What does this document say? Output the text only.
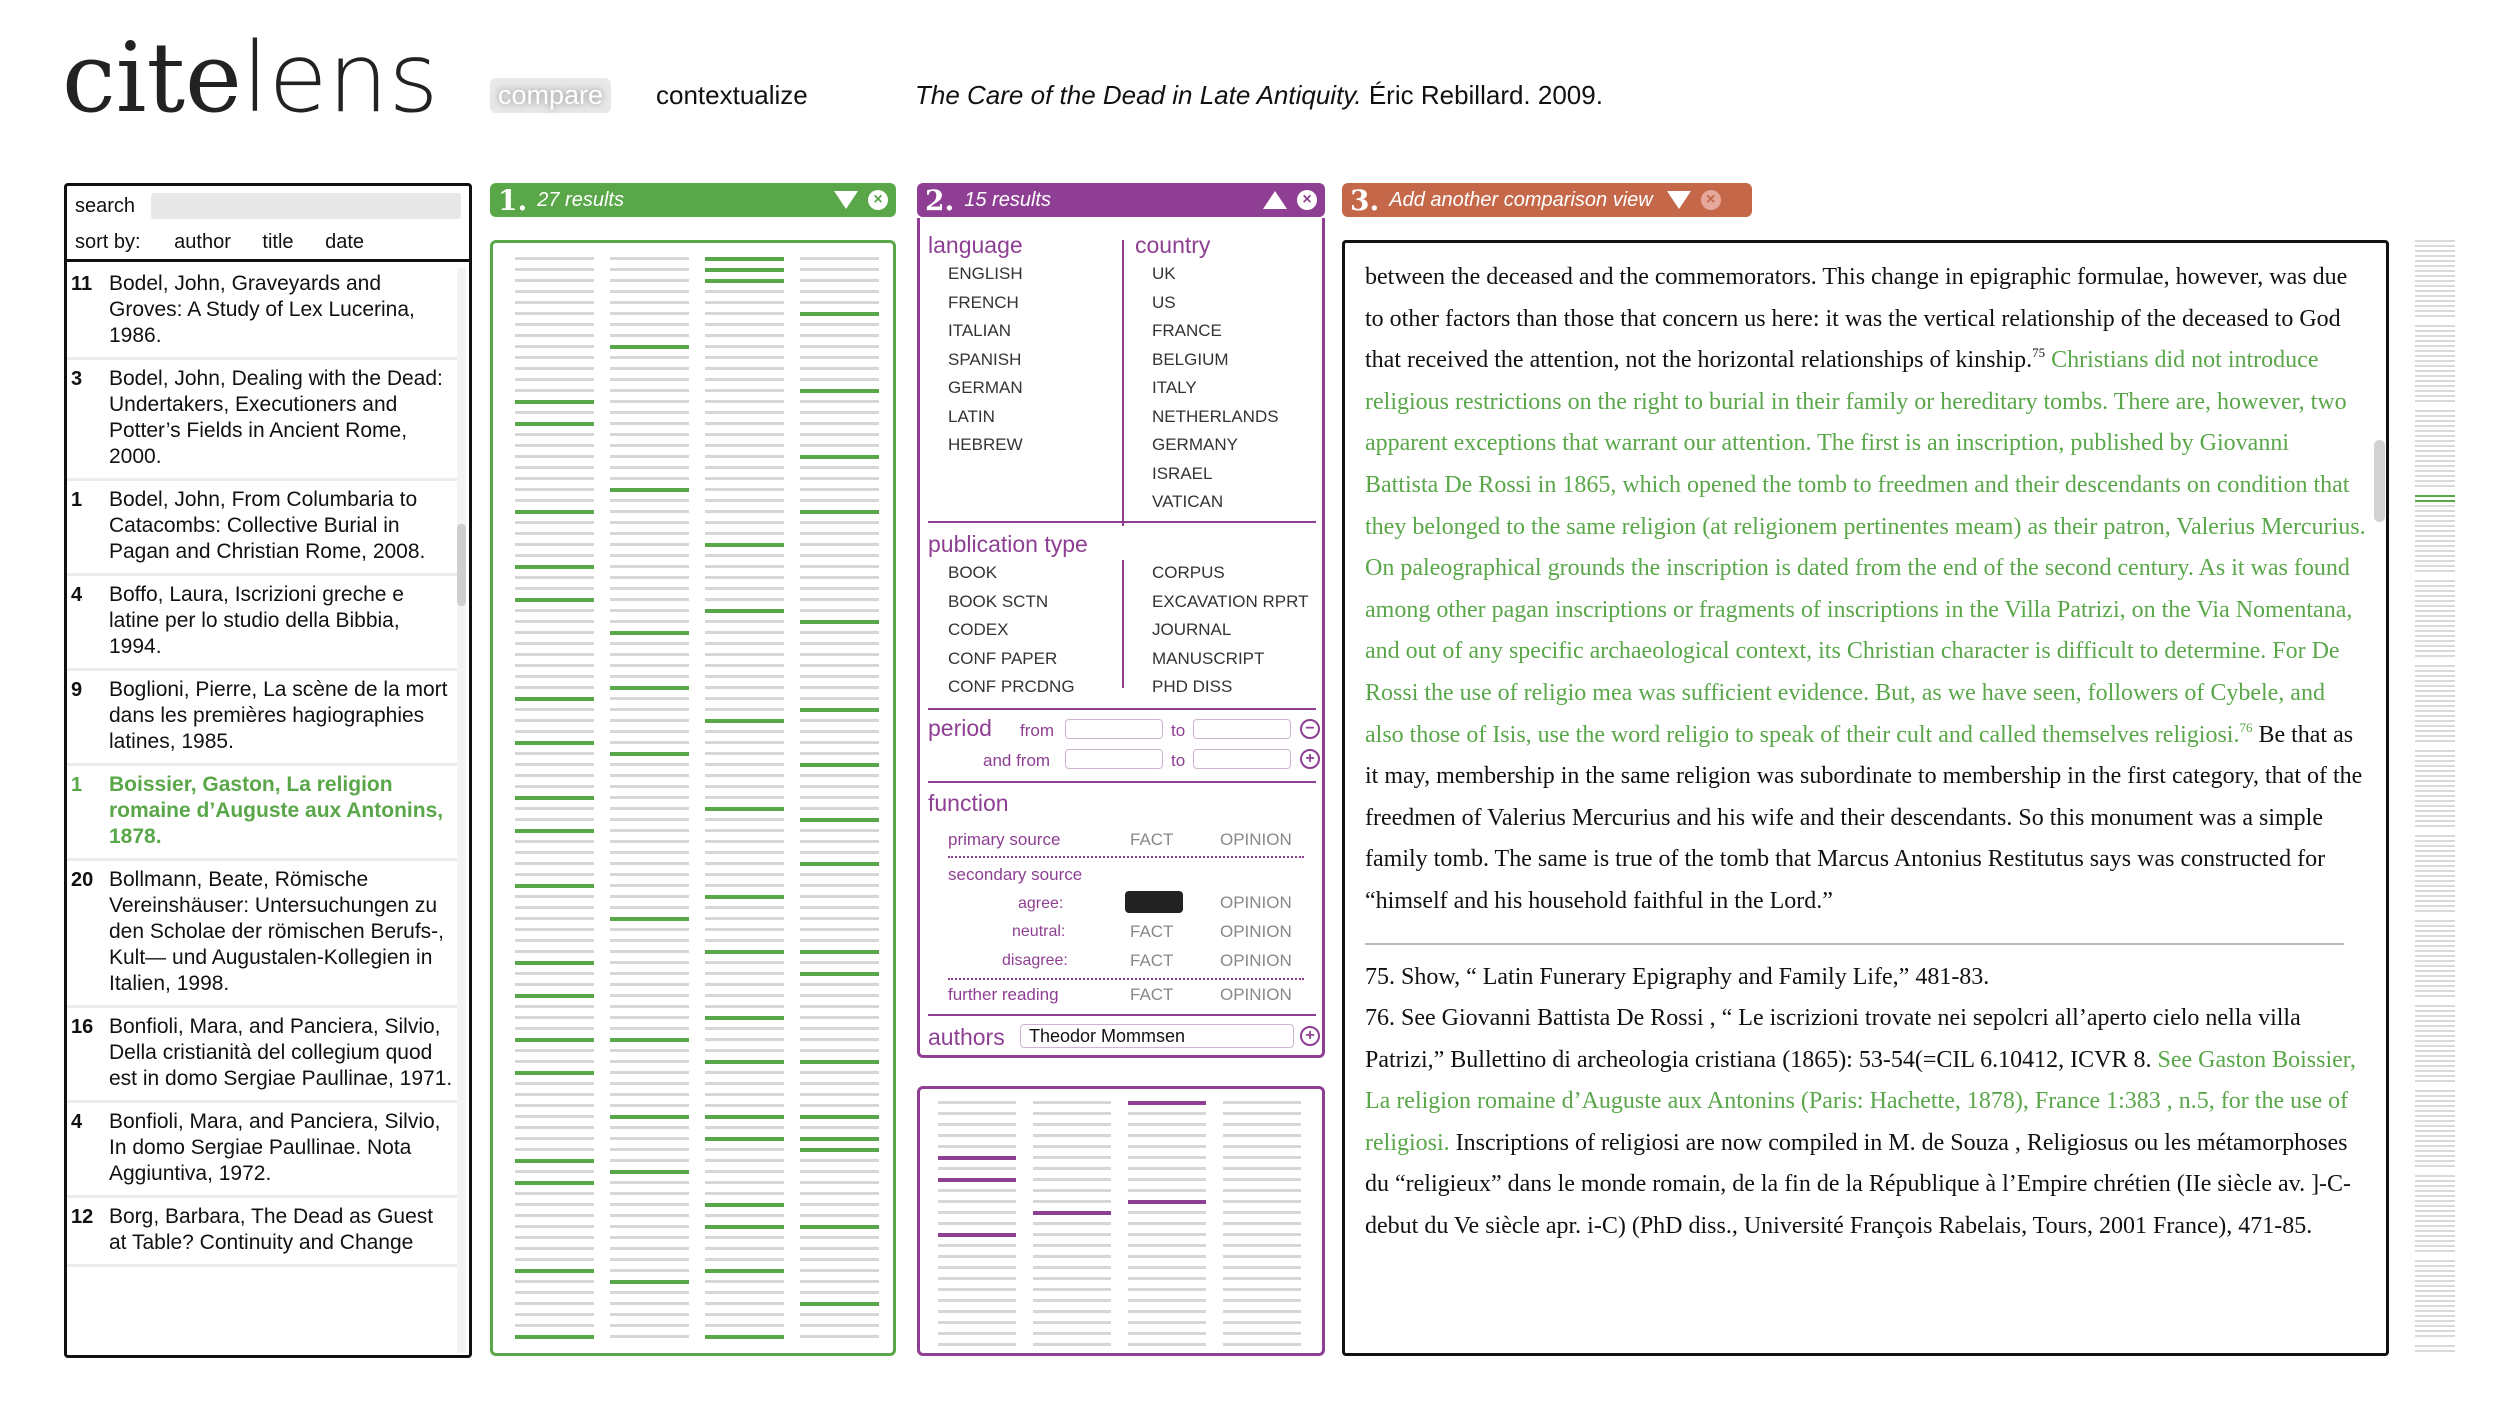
citelens compare	contextualize	The Care of the Dead in Late Antiquity. Éric Rebillard. 2009.
search
sort by: author title date
11 Bodel, John, Graveyards and Groves: A Study of Lex Lucerina, 1986.
3	Bodel, John, Dealing with the Dead: Undertakers, Executioners and Potter’s Fields in Ancient Rome, 2000.
1	Bodel, John, From Columbaria to Catacombs: Collective Burial in Pagan and Christian Rome, 2008.
4	Boffo, Laura, Iscrizioni greche e latine per lo studio della Bibbia, 1994.
9	Boglioni, Pierre, La scène de la mort dans les premières hagiographies latines, 1985.
1	Boissier, Gaston, La religion romaine d’Auguste aux Antonins, 1878.
20 Bollmann, Beate, Römische Vereinshäuser: Untersuchungen zu den Scholae der römischen Berufs-, Kult— und Augustalen-Kollegien in Italien, 1998.
16 Bonfioli, Mara, and Panciera, Silvio, Della cristianità del collegium quod est in domo Sergiae Paullinae, 1971.
4	Bonfioli, Mara, and Panciera, Silvio, In domo Sergiae Paullinae. Nota Aggiuntiva, 1972.
12 Borg, Barbara, The Dead as Guest at Table? Continuity and Change
1. 27 results	× 2. 15 results	× 3. Add another comparison view	×
language	country
ENGLISH
FRENCH
ITALIAN
SPANISH
GERMAN
LATIN
HEBREW
UK
US
FRANCE
BELGIUM
ITALY
NETHERLANDS
GERMANY
ISRAEL
VATICAN
publication type
BOOK
BOOK SCTN
CODEX
CONF PAPER
CONF PRCDNG
CORPUS
EXCAVATION RPRT
JOURNAL
MANUSCRIPT
PHD DISS
period from	to	−
and from	to	+
function
primary source	FACT	OPINION
secondary source
agree:	OPINION
neutral:	FACT	OPINION
disagree:	FACT	OPINION
further reading	FACT	OPINION
authors	Theodor Mommsen	+

between the deceased and the commemorators. This change in epigraphic formulae, however, was due to other factors than those that concern us here: it was the vertical relationship of the deceased to God that received the attention, not the horizontal relationships of kinship.$^{75}$ Christians did not introduce religious restrictions on the right to burial in their family or hereditary tombs. There are, however, two apparent exceptions that warrant our attention. The first is an inscription, published by Giovanni Battista De Rossi in 1865, which opened the tomb to freedmen and their descendants on condition that they belonged to the same religion (at religionem pertinentes meam) as their patron, Valerius Mercurius. On paleographical grounds the inscription is dated from the end of the second century. As it was found among other pagan inscriptions or fragments of inscriptions in the Villa Patrizi, on the Via Nomentana, and out of any specific archaeological context, its Christian character is difficult to determine. For De Rossi the use of religio mea was sufficient evidence. But, as we have seen, followers of Cybele, and also those of Isis, use the word religio to speak of their cult and called themselves religiosi.$^{76}$ Be that as it may, membership in the same religion was subordinate to membership in the first category, that of the freedmen of Valerius Mercurius and his wife and their descendants. So this monument was a simple family tomb. The same is true of the tomb that Marcus Antonius Restitutus says was constructed for “himself and his household faithful in the Lord.”

75. Show, “ Latin Funerary Epigraphy and Family Life,” 481-83.

76. See Giovanni Battista De Rossi , “ Le iscrizioni trovate nei sepolcri all’aperto cielo nella villa Patrizi,” Bullettino di archeologia cristiana (1865): 53-54(=CIL 6.10412, ICVR 8. See Gaston Boissier, La religion romaine d’Auguste aux Antonins (Paris: Hachette, 1878), France 1:383 , n.5, for the use of religiosi. Inscriptions of religiosi are now compiled in M. de Souza , Religiosus ou les métamorphoses du “religieux” dans le monde romain, de la fin de la République à l’Empire chrétien (IIe siècle av. ]-C-debut du Ve siècle apr. i-C) (PhD diss., Université François Rabelais, Tours, 2001 France), 471-85.
